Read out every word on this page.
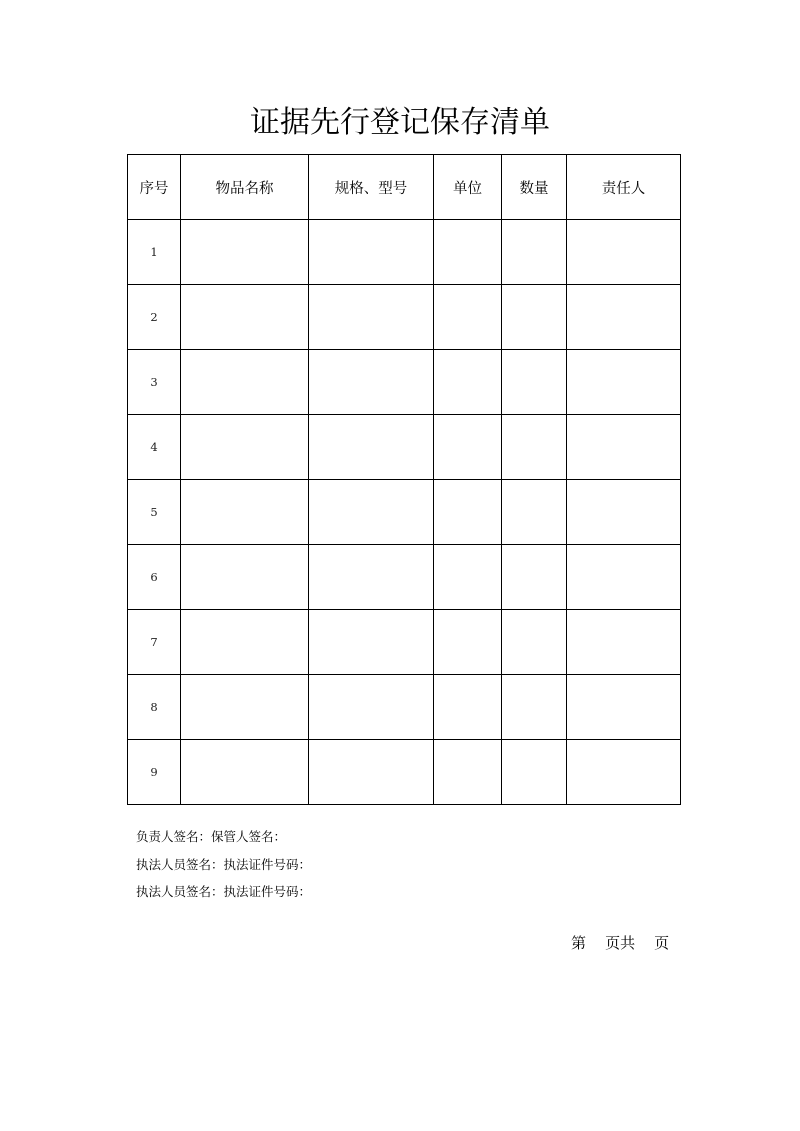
证据先行登记保存清单
序号	物品名称	规格、型号	单位	数量	责任人
1					
2					
3					
4					
5					
6					
7					
8					
9					
负责人签名：保管人签名：
执法人员签名：执法证件号码：
执法人员签名：执法证件号码：
第    页共    页
